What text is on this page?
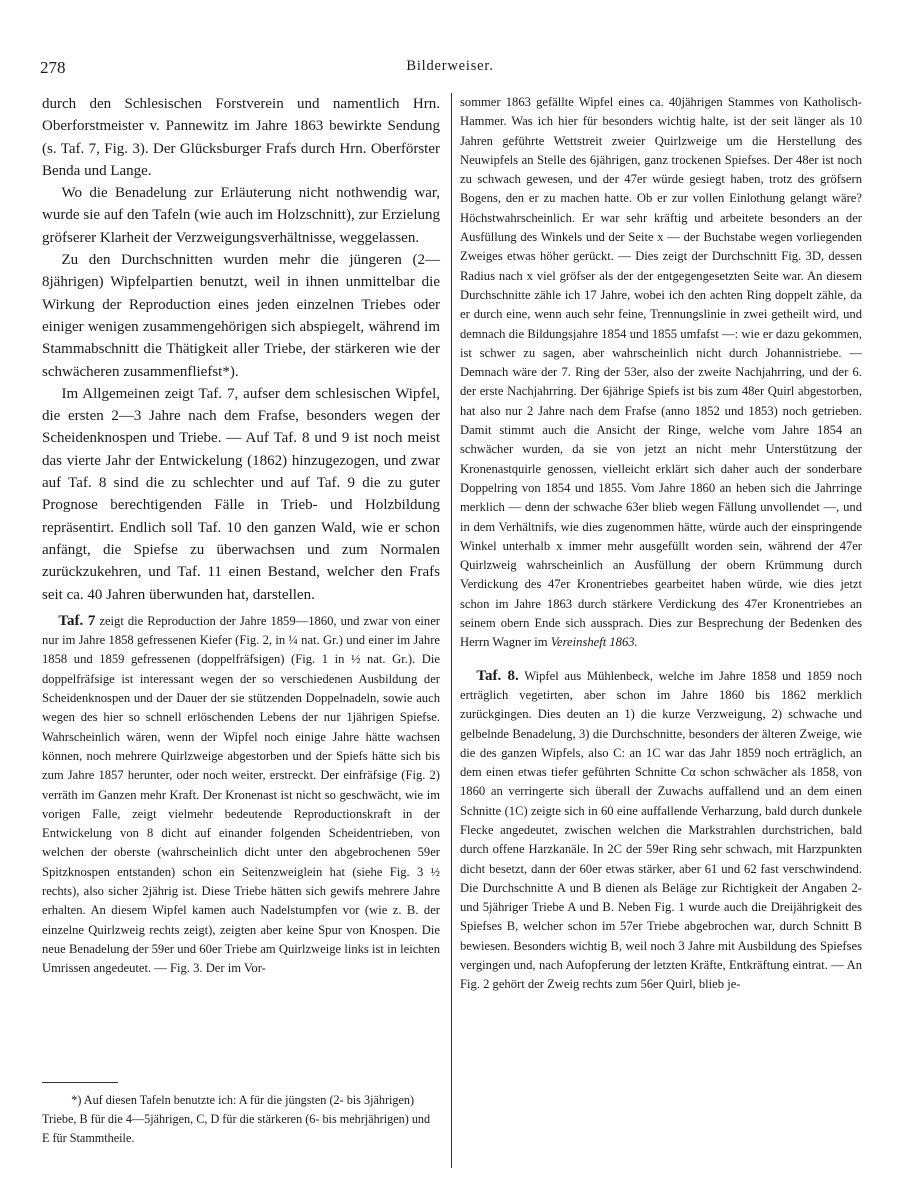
278	Bilderweiser.

durch den Schlesischen Forstverein und namentlich Hrn. Oberforstmeister v. Pannewitz im Jahre 1863 bewirkte Sendung (s. Taf. 7, Fig. 3). Der Glücksburger Frafs durch Hrn. Oberförster Benda und Lange.

Wo die Benadelung zur Erläuterung nicht nothwendig war, wurde sie auf den Tafeln (wie auch im Holzschnitt), zur Erzielung gröfserer Klarheit der Verzweigungsverhältnisse, weggelassen.

Zu den Durchschnitten wurden mehr die jüngeren (2—8jährigen) Wipfelpartien benutzt, weil in ihnen unmittelbar die Wirkung der Reproduction eines jeden einzelnen Triebes oder einiger wenigen zusammengehörigen sich abspiegelt, während im Stammabschnitt die Thätigkeit aller Triebe, der stärkeren wie der schwächeren zusammenfliefst*).

Im Allgemeinen zeigt Taf. 7, aufser dem schlesischen Wipfel, die ersten 2—3 Jahre nach dem Frafse, besonders wegen der Scheidenknospen und Triebe. — Auf Taf. 8 und 9 ist noch meist das vierte Jahr der Entwickelung (1862) hinzugezogen, und zwar auf Taf. 8 sind die zu schlechter und auf Taf. 9 die zu guter Prognose berechtigenden Fälle in Trieb- und Holzbildung repräsentirt. Endlich soll Taf. 10 den ganzen Wald, wie er schon anfängt, die Spiefse zu überwachsen und zum Normalen zurückzukehren, und Taf. 11 einen Bestand, welcher den Frafs seit ca. 40 Jahren überwunden hat, darstellen.

Taf. 7 zeigt die Reproduction der Jahre 1859—1860, und zwar von einer nur im Jahre 1858 gefressenen Kiefer (Fig. 2, in ¼ nat. Gr.) und einer im Jahre 1858 und 1859 gefressenen (doppelfräfsigen) (Fig. 1 in ½ nat. Gr.). Die doppelfräfsige ist interessant wegen der so verschiedenen Ausbildung der Scheidenknospen und der Dauer der sie stützenden Doppelnadeln, sowie auch wegen des hier so schnell erlöschenden Lebens der nur 1jährigen Spiefse. Wahrscheinlich wären, wenn der Wipfel noch einige Jahre hätte wachsen können, noch mehrere Quirlzweige abgestorben und der Spiefs hätte sich bis zum Jahre 1857 herunter, oder noch weiter, erstreckt. Der einfräfsige (Fig. 2) verräth im Ganzen mehr Kraft. Der Kronenast ist nicht so geschwächt, wie im vorigen Falle, zeigt vielmehr bedeutende Reproductionskraft in der Entwickelung von 8 dicht auf einander folgenden Scheidentrieben, von welchen der oberste (wahrscheinlich dicht unter den abgebrochenen 59er Spitzknospen entstanden) schon ein Seitenzweiglein hat (siehe Fig. 3 ½ rechts), also sicher 2jährig ist. Diese Triebe hätten sich gewifs mehrere Jahre erhalten. An diesem Wipfel kamen auch Nadelstumpfen vor (wie z. B. der einzelne Quirlzweig rechts zeigt), zeigten aber keine Spur von Knospen. Die neue Benadelung der 59er und 60er Triebe am Quirlzweige links ist in leichten Umrissen angedeutet. — Fig. 3. Der im Vor-

*) Auf diesen Tafeln benutzte ich: A für die jüngsten (2- bis 3jährigen) Triebe, B für die 4—5jährigen, C, D für die stärkeren (6- bis mehrjährigen) und E für Stammtheile.

sommer 1863 gefällte Wipfel eines ca. 40jährigen Stammes von Katholisch-Hammer. Was ich hier für besonders wichtig halte, ist der seit länger als 10 Jahren geführte Wettstreit zweier Quirlzweige um die Herstellung des Neuwipfels an Stelle des 6jährigen, ganz trockenen Spiefses. Der 48er ist noch zu schwach gewesen, und der 47er würde gesiegt haben, trotz des gröfsern Bogens, den er zu machen hatte. Ob er zur vollen Einlothung gelangt wäre? Höchstwahrscheinlich. Er war sehr kräftig und arbeitete besonders an der Ausfüllung des Winkels und der Seite x — der Buchstabe wegen vorliegenden Zweiges etwas höher gerückt. — Dies zeigt der Durchschnitt Fig. 3D, dessen Radius nach x viel gröfser als der der entgegengesetzten Seite war. An diesem Durchschnitte zähle ich 17 Jahre, wobei ich den achten Ring doppelt zähle, da er durch eine, wenn auch sehr feine, Trennungslinie in zwei getheilt wird, und demnach die Bildungsjahre 1854 und 1855 umfafst —: wie er dazu gekommen, ist schwer zu sagen, aber wahrscheinlich nicht durch Johannistriebe. — Demnach wäre der 7. Ring der 53er, also der zweite Nachjahrring, und der 6. der erste Nachjahrring. Der 6jährige Spiefs ist bis zum 48er Quirl abgestorben, hat also nur 2 Jahre nach dem Frafse (anno 1852 und 1853) noch getrieben. Damit stimmt auch die Ansicht der Ringe, welche vom Jahre 1854 an schwächer wurden, da sie von jetzt an nicht mehr Unterstützung der Kronenastquirle genossen, vielleicht erklärt sich daher auch der sonderbare Doppelring von 1854 und 1855. Vom Jahre 1860 an heben sich die Jahrringe merklich — denn der schwache 63er blieb wegen Fällung unvollendet —, und in dem Verhältnifs, wie dies zugenommen hätte, würde auch der einspringende Winkel unterhalb x immer mehr ausgefüllt worden sein, während der 47er Quirlzweig wahrscheinlich an Ausfüllung der obern Krümmung durch Verdickung des 47er Kronentriebes gearbeitet haben würde, wie dies jetzt schon im Jahre 1863 durch stärkere Verdickung des 47er Kronentriebes an seinem obern Ende sich aussprach. Dies zur Besprechung der Bedenken des Herrn Wagner im Vereinsheft 1863.

Taf. 8. Wipfel aus Mühlenbeck, welche im Jahre 1858 und 1859 noch erträglich vegetirten, aber schon im Jahre 1860 bis 1862 merklich zurückgingen. Dies deuten an 1) die kurze Verzweigung, 2) schwache und gelbelnde Benadelung, 3) die Durchschnitte, besonders der älteren Zweige, wie die des ganzen Wipfels, also C: an 1C war das Jahr 1859 noch erträglich, an dem einen etwas tiefer geführten Schnitte Cα schon schwächer als 1858, von 1860 an verringerte sich überall der Zuwachs auffallend und an dem einen Schnitte (1C) zeigte sich in 60 eine auffallende Verharzung, bald durch dunkele Flecke angedeutet, zwischen welchen die Markstrahlen durchstrichen, bald durch offene Harzkanäle. In 2C der 59er Ring sehr schwach, mit Harzpunkten dicht besetzt, dann der 60er etwas stärker, aber 61 und 62 fast verschwindend. Die Durchschnitte A und B dienen als Beläge zur Richtigkeit der Angaben 2- und 5jähriger Triebe A und B. Neben Fig. 1 wurde auch die Dreijährigkeit des Spiefses B, welcher schon im 57er Triebe abgebrochen war, durch Schnitt B bewiesen. Besonders wichtig B, weil noch 3 Jahre mit Ausbildung des Spiefses vergingen und, nach Aufopferung der letzten Kräfte, Entkräftung eintrat. — An Fig. 2 gehört der Zweig rechts zum 56er Quirl, blieb je-
